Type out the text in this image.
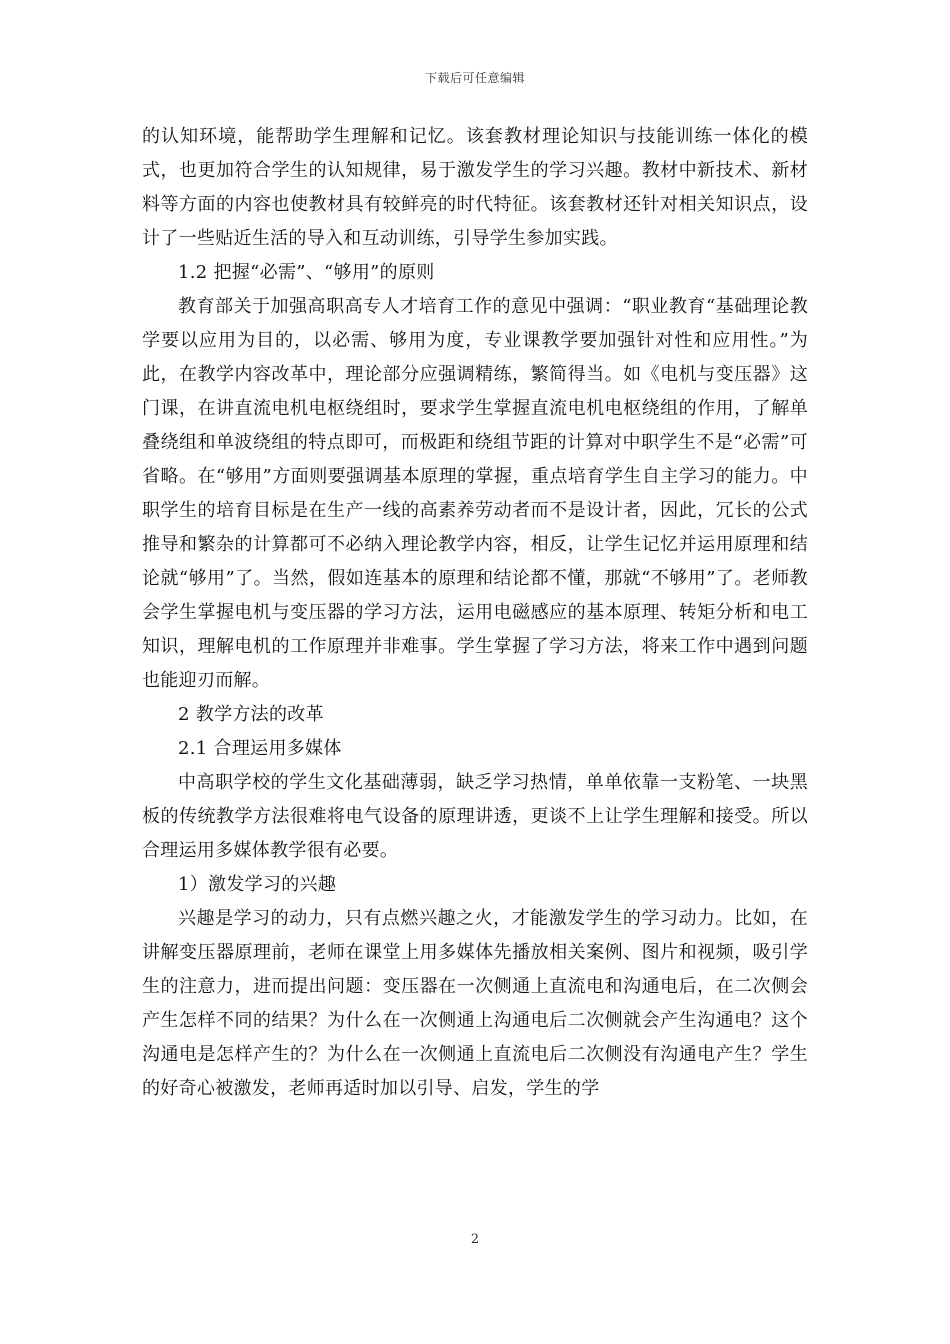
下载后可任意编辑

的认知环境，能帮助学生理解和记忆。该套教材理论知识与技能训练一体化的模式，也更加符合学生的认知规律，易于激发学生的学习兴趣。教材中新技术、新材料等方面的内容也使教材具有较鲜亮的时代特征。该套教材还针对相关知识点，设计了一些贴近生活的导入和互动训练，引导学生参加实践。

1.2 把握“必需”、“够用”的原则

教育部关于加强高职高专人才培育工作的意见中强调：“职业教育“基础理论教学要以应用为目的，以必需、够用为度，专业课教学要加强针对性和应用性。”为此，在教学内容改革中，理论部分应强调精练，繁简得当。如《电机与变压器》这门课，在讲直流电机电枢绕组时，要求学生掌握直流电机电枢绕组的作用，了解单叠绕组和单波绕组的特点即可，而极距和绕组节距的计算对中职学生不是“必需”可省略。在“够用”方面则要强调基本原理的掌握，重点培育学生自主学习的能力。中职学生的培育目标是在生产一线的高素养劳动者而不是设计者，因此，冗长的公式推导和繁杂的计算都可不必纳入理论教学内容，相反，让学生记忆并运用原理和结论就“够用”了。当然，假如连基本的原理和结论都不懂，那就“不够用”了。老师教会学生掌握电机与变压器的学习方法，运用电磁感应的基本原理、转矩分析和电工知识，理解电机的工作原理并非难事。学生掌握了学习方法，将来工作中遇到问题也能迎刃而解。

2 教学方法的改革

2.1 合理运用多媒体

中高职学校的学生文化基础薄弱，缺乏学习热情，单单依靠一支粉笔、一块黑板的传统教学方法很难将电气设备的原理讲透，更谈不上让学生理解和接受。所以合理运用多媒体教学很有必要。

1）激发学习的兴趣

兴趣是学习的动力，只有点燃兴趣之火，才能激发学生的学习动力。比如，在讲解变压器原理前，老师在课堂上用多媒体先播放相关案例、图片和视频，吸引学生的注意力，进而提出问题：变压器在一次侧通上直流电和沟通电后，在二次侧会产生怎样不同的结果？为什么在一次侧通上沟通电后二次侧就会产生沟通电？这个沟通电是怎样产生的？为什么在一次侧通上直流电后二次侧没有沟通电产生？学生的好奇心被激发，老师再适时加以引导、启发，学生的学

2
